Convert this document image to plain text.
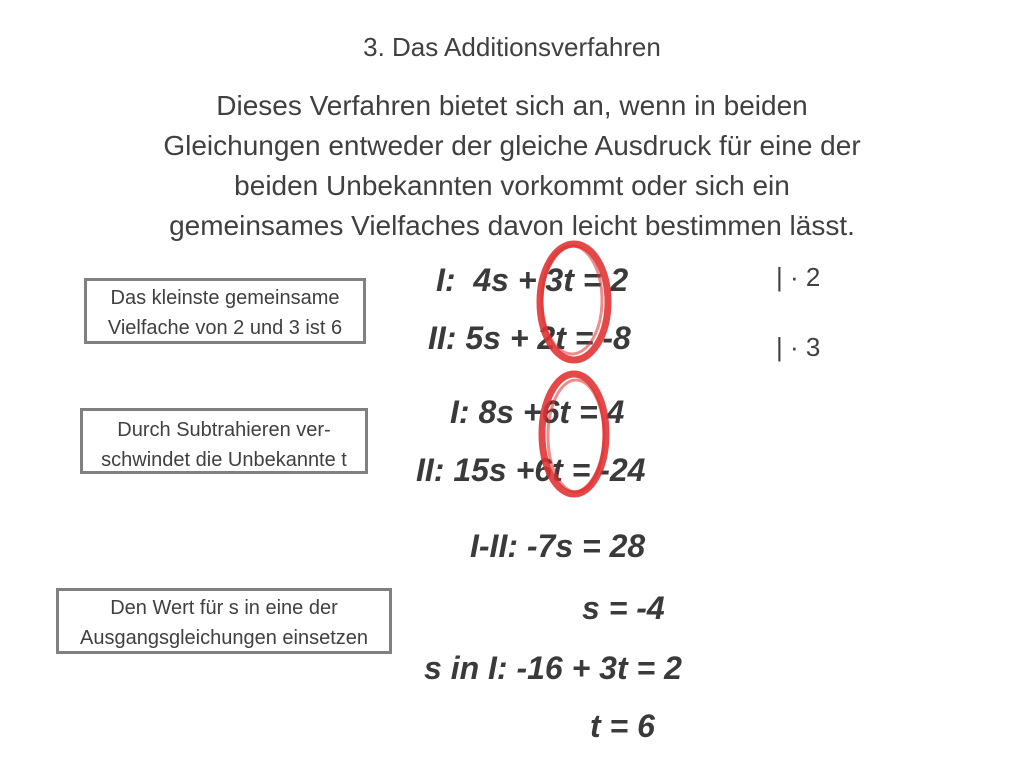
3. Das Additionsverfahren
Dieses Verfahren bietet sich an, wenn in beiden
Gleichungen entweder der gleiche Ausdruck für eine der
beiden Unbekannten vorkommt oder sich ein
gemeinsames Vielfaches davon leicht bestimmen lässt.
Das kleinste gemeinsame
Vielfache von 2 und 3 ist 6
Durch Subtrahieren ver-
schwindet die Unbekannte t
Den Wert für s in eine der
Ausgangsgleichungen einsetzen
I:  4s + 3t = 2
II: 5s + 2t = -8
I: 8s +6t = 4
II: 15s +6t = -24
I-II: -7s = 28
s = -4
s in I: -16 + 3t = 2
t = 6
| · 2
| · 3
